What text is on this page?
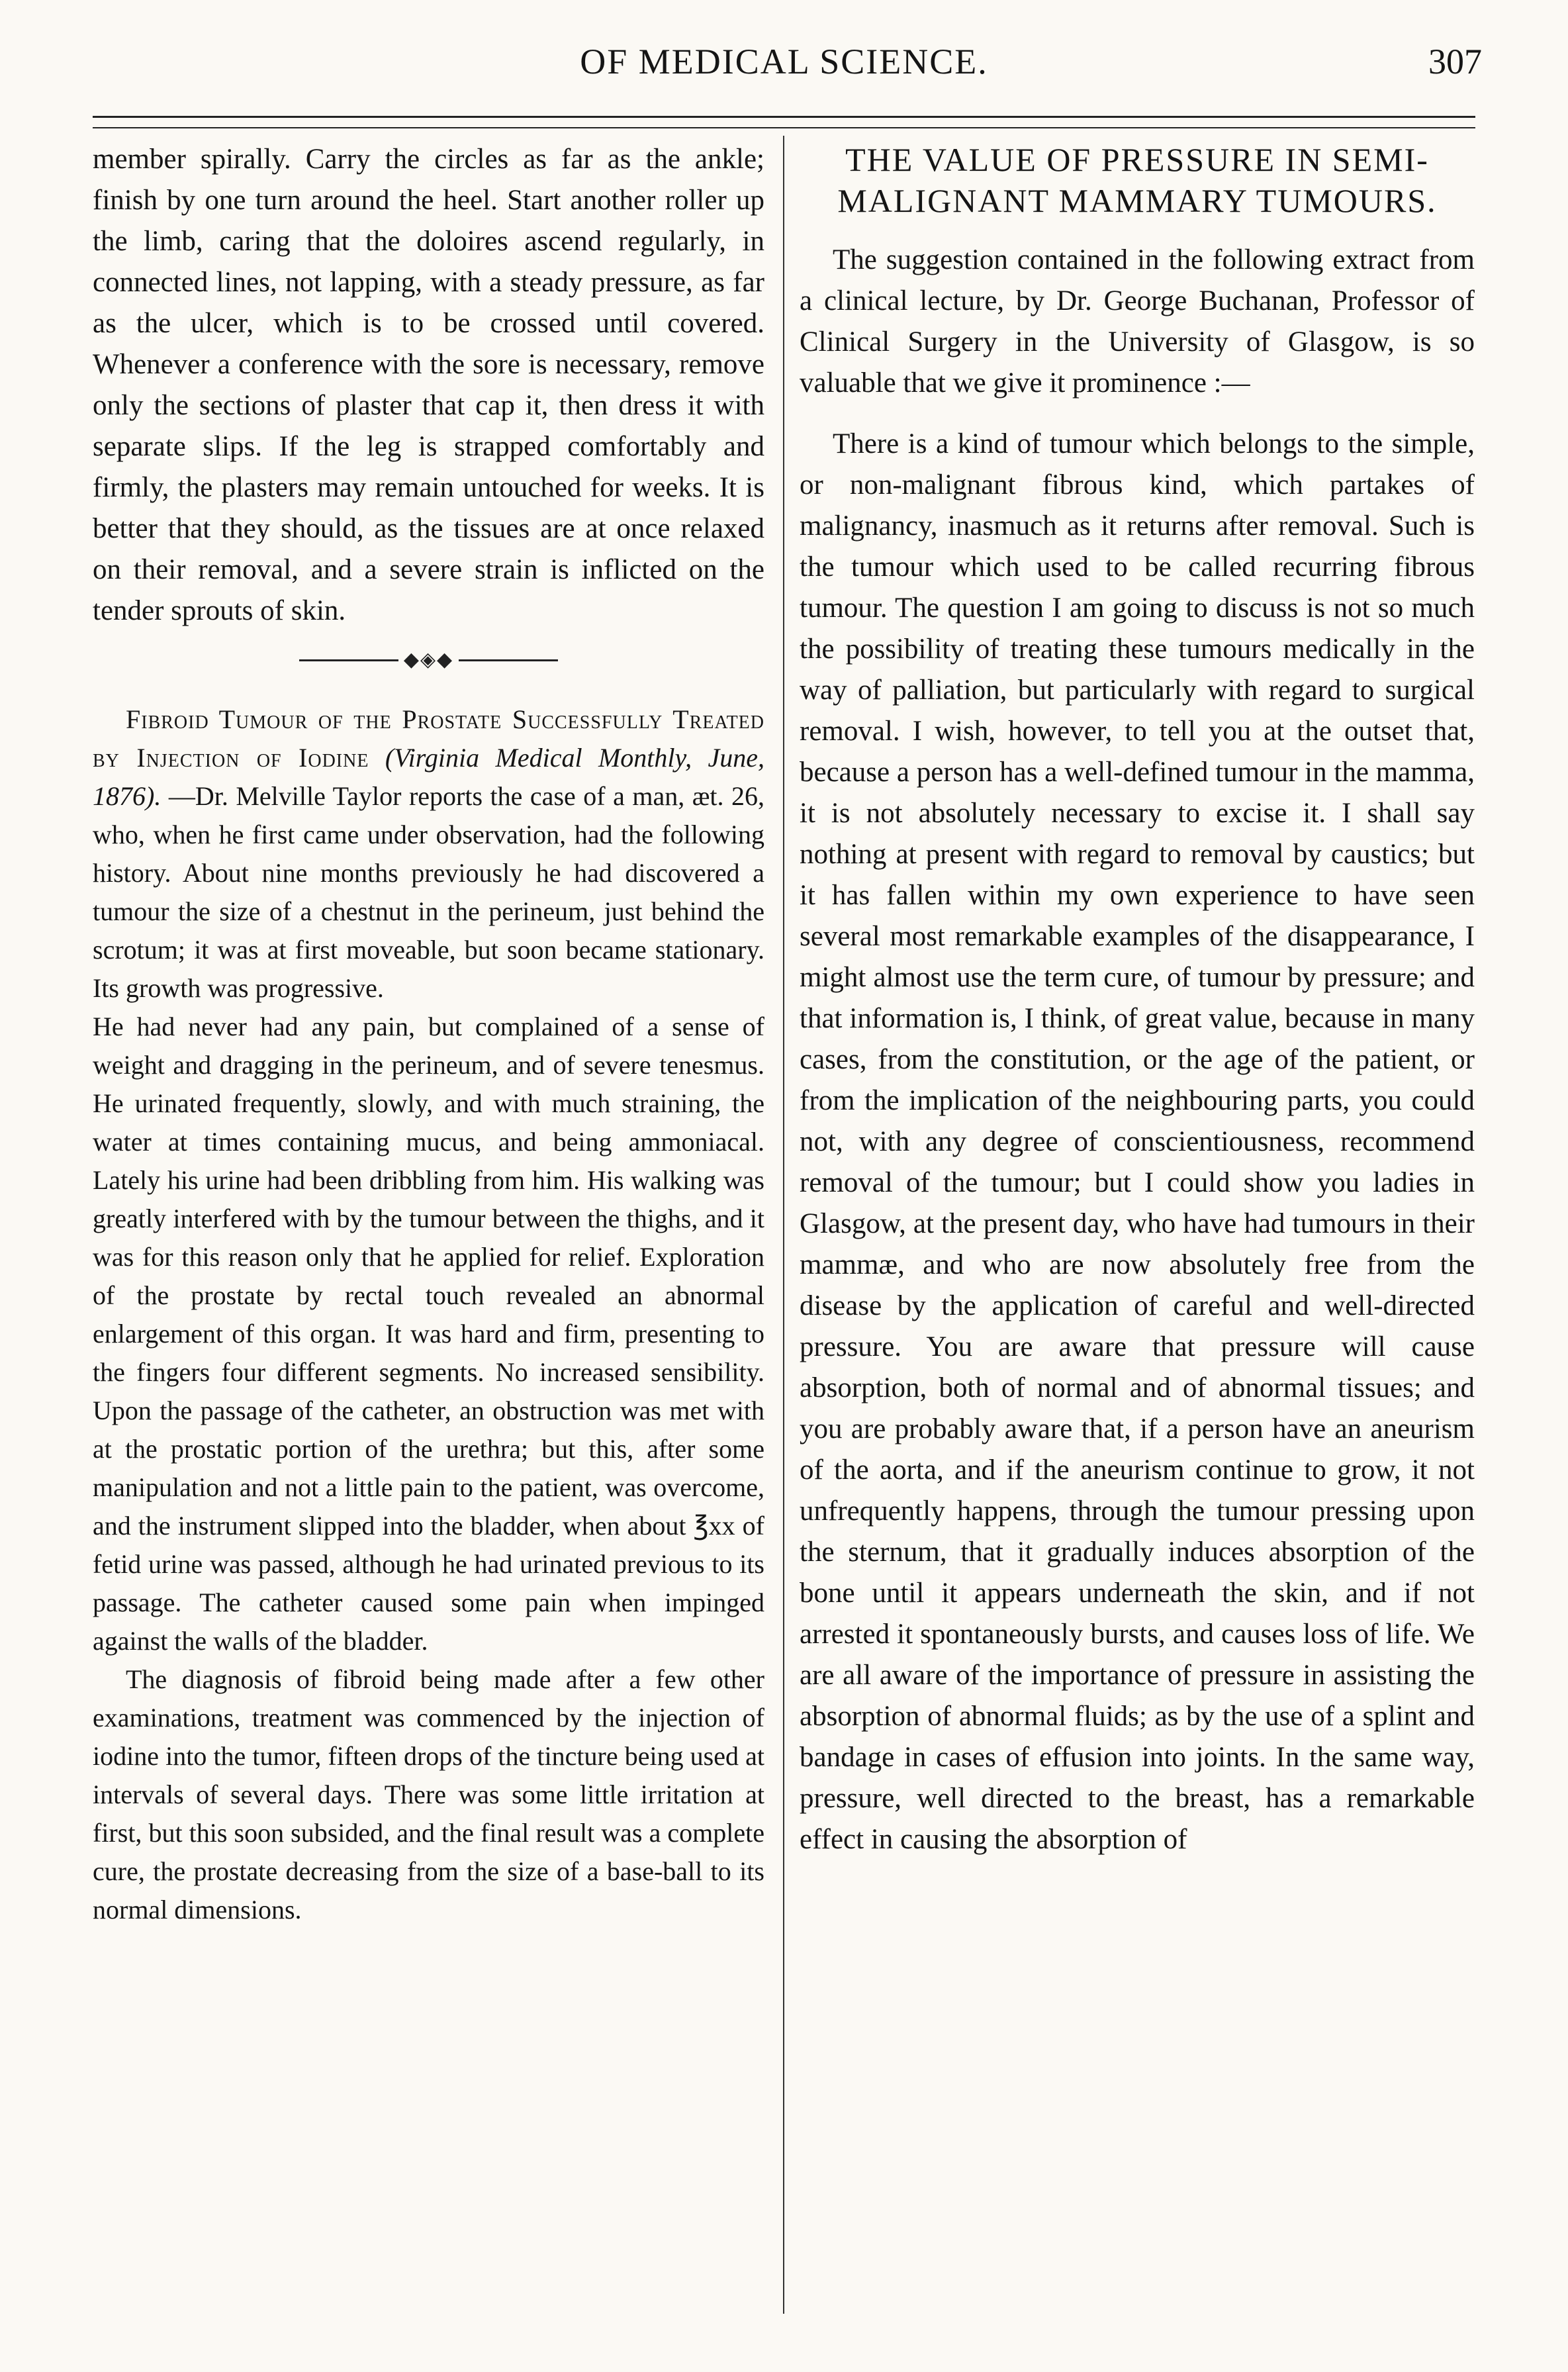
OF MEDICAL SCIENCE.	307

member spirally. Carry the circles as far as the ankle; finish by one turn around the heel. Start another roller up the limb, caring that the doloires ascend regularly, in connected lines, not lapping, with a steady pressure, as far as the ulcer, which is to be crossed until covered. Whenever a conference with the sore is necessary, remove only the sections of plaster that cap it, then dress it with separate slips. If the leg is strapped comfortably and firmly, the plasters may remain untouched for weeks. It is better that they should, as the tissues are at once relaxed on their removal, and a severe strain is inflicted on the tender sprouts of skin.

◆◈◆

Fibroid Tumour of the Prostate Successfully Treated by Injection of Iodine (Virginia Medical Monthly, June, 1876). —Dr. Melville Taylor reports the case of a man, æt. 26, who, when he first came under observation, had the following history. About nine months previously he had discovered a tumour the size of a chestnut in the perineum, just behind the scrotum; it was at first moveable, but soon became stationary. Its growth was progressive.

He had never had any pain, but complained of a sense of weight and dragging in the perineum, and of severe tenesmus. He urinated frequently, slowly, and with much straining, the water at times containing mucus, and being ammoniacal. Lately his urine had been dribbling from him. His walking was greatly interfered with by the tumour between the thighs, and it was for this reason only that he applied for relief. Exploration of the prostate by rectal touch revealed an abnormal enlargement of this organ. It was hard and firm, presenting to the fingers four different segments. No increased sensibility. Upon the passage of the catheter, an obstruction was met with at the prostatic portion of the urethra; but this, after some manipulation and not a little pain to the patient, was overcome, and the instrument slipped into the bladder, when about ℥xx of fetid urine was passed, although he had urinated previous to its passage. The catheter caused some pain when impinged against the walls of the bladder.

The diagnosis of fibroid being made after a few other examinations, treatment was commenced by the injection of iodine into the tumor, fifteen drops of the tincture being used at intervals of several days. There was some little irritation at first, but this soon subsided, and the final result was a complete cure, the prostate decreasing from the size of a base-ball to its normal dimensions.

THE VALUE OF PRESSURE IN SEMI-MALIGNANT MAMMARY TUMOURS.

The suggestion contained in the following extract from a clinical lecture, by Dr. George Buchanan, Professor of Clinical Surgery in the University of Glasgow, is so valuable that we give it prominence :—

There is a kind of tumour which belongs to the simple, or non-malignant fibrous kind, which partakes of malignancy, inasmuch as it returns after removal. Such is the tumour which used to be called recurring fibrous tumour. The question I am going to discuss is not so much the possibility of treating these tumours medically in the way of palliation, but particularly with regard to surgical removal. I wish, however, to tell you at the outset that, because a person has a well-defined tumour in the mamma, it is not absolutely necessary to excise it. I shall say nothing at present with regard to removal by caustics; but it has fallen within my own experience to have seen several most remarkable examples of the disappearance, I might almost use the term cure, of tumour by pressure; and that information is, I think, of great value, because in many cases, from the constitution, or the age of the patient, or from the implication of the neighbouring parts, you could not, with any degree of conscientiousness, recommend removal of the tumour; but I could show you ladies in Glasgow, at the present day, who have had tumours in their mammæ, and who are now absolutely free from the disease by the application of careful and well-directed pressure. You are aware that pressure will cause absorption, both of normal and of abnormal tissues; and you are probably aware that, if a person have an aneurism of the aorta, and if the aneurism continue to grow, it not unfrequently happens, through the tumour pressing upon the sternum, that it gradually induces absorption of the bone until it appears underneath the skin, and if not arrested it spontaneously bursts, and causes loss of life. We are all aware of the importance of pressure in assisting the absorption of abnormal fluids; as by the use of a splint and bandage in cases of effusion into joints. In the same way, pressure, well directed to the breast, has a remarkable effect in causing the absorption of
